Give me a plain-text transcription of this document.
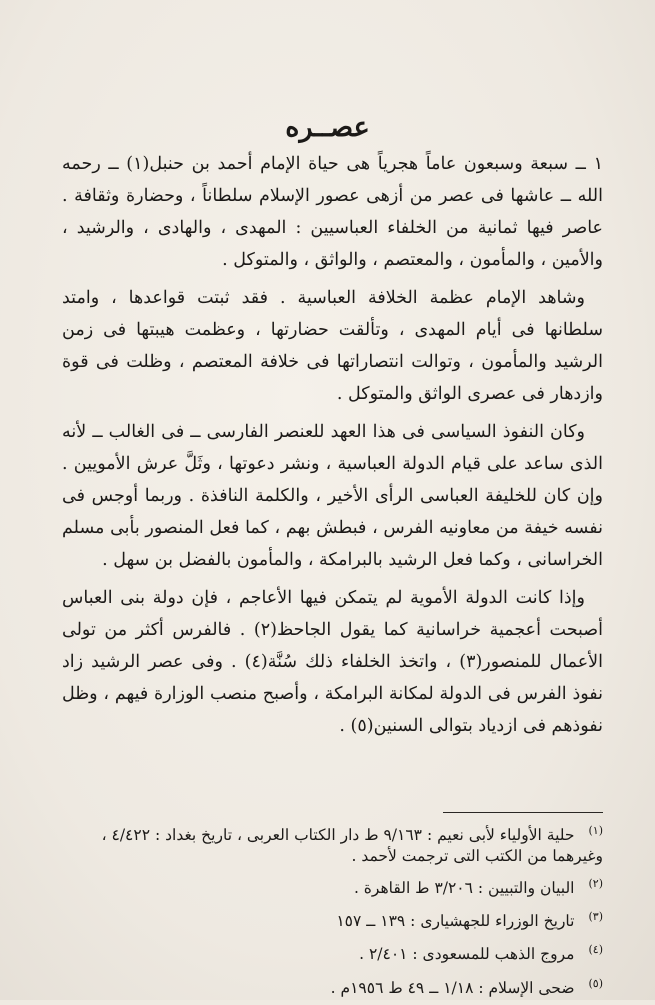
عصــره

١ ــ سبعة وسبعون عاماً هجرياً هى حياة الإمام أحمد بن حنبل(١) ــ رحمه الله ــ عاشها فى عصر من أزهى عصور الإسلام سلطاناً ، وحضارة وثقافة . عاصر فيها ثمانية من الخلفاء العباسيين : المهدى ، والهادى ، والرشيد ، والأمين ، والمأمون ، والمعتصم ، والواثق ، والمتوكل .

وشاهد الإمام عظمة الخلافة العباسية . فقد ثبتت قواعدها ، وامتد سلطانها فى أيام المهدى ، وتألقت حضارتها ، وعظمت هيبتها فى زمن الرشيد والمأمون ، وتوالت انتصاراتها فى خلافة المعتصم ، وظلت فى قوة وازدهار فى عصرى الواثق والمتوكل .

وكان النفوذ السياسى فى هذا العهد للعنصر الفارسى ــ فى الغالب ــ لأنه الذى ساعد على قيام الدولة العباسية ، ونشر دعوتها ، وثَلَّ عرش الأمويين . وإن كان للخليفة العباسى الرأى الأخير ، والكلمة النافذة . وربما أوجس فى نفسه خيفة من معاونيه الفرس ، فبطش بهم ، كما فعل المنصور بأبى مسلم الخراسانى ، وكما فعل الرشيد بالبرامكة ، والمأمون بالفضل بن سهل .

وإذا كانت الدولة الأموية لم يتمكن فيها الأعاجم ، فإن دولة بنى العباس أصبحت أعجمية خراسانية كما يقول الجاحظ(٢) . فالفرس أكثر من تولى الأعمال للمنصور(٣) ، واتخذ الخلفاء ذلك سُنَّة(٤) . وفى عصر الرشيد زاد نفوذ الفرس فى الدولة لمكانة البرامكة ، وأصبح منصب الوزارة فيهم ، وظل نفوذهم فى ازدياد بتوالى السنين(٥) .

$^{(١)}$حلية الأولياء لأبى نعيم : ٩/١٦٣ ط دار الكتاب العربى ، تاريخ بغداد : ٤/٤٢٢ ، وغيرهما من الكتب التى ترجمت لأحمد .
$^{(٢)}$البيان والتبيين : ٣/٢٠٦ ط القاهرة .
$^{(٣)}$تاريخ الوزراء للجهشيارى : ١٣٩ ــ ١٥٧
$^{(٤)}$مروج الذهب للمسعودى : ٢/٤٠١ .
$^{(٥)}$ضحى الإسلام : ١/١٨ ــ ٤٩ ط ١٩٥٦م .
